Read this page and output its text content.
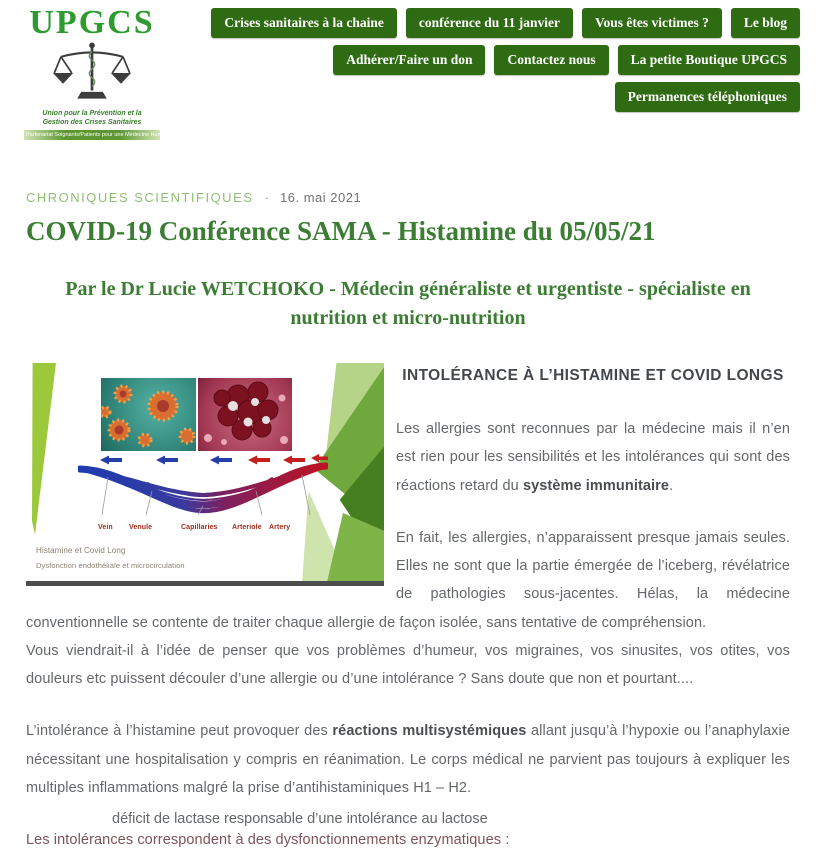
UPGCS
Union pour la Prévention et la
Gestion des Crises Sanitaires
Partenariat Soignants/Patients pour une Médecine Humaine
Crises sanitaires à la chaine	conférence du 11 janvier	Vous êtes victimes ?	Le blog
Adhérer/Faire un don	Contactez nous	La petite Boutique UPGCS
Permanences téléphoniques
CHRONIQUES SCIENTIFIQUES · 16. mai 2021
COVID-19 Conférence SAMA - Histamine du 05/05/21
Par le Dr Lucie WETCHOKO - Médecin généraliste et urgentiste - spécialiste en nutrition et micro-nutrition
Vein Venule	Capillaries Arteriole Artery
Histamine et Covid Long
Dysfonction endothéliale et microcirculation
INTOLÉRANCE À L’HISTAMINE ET COVID LONGS

Les allergies sont reconnues par la médecine mais il n’en est rien pour les sensibilités et les intolérances qui sont des réactions retard du système immunitaire.

En fait, les allergies, n’apparaissent presque jamais seules. Elles ne sont que la partie émergée de l’iceberg, révélatrice de pathologies sous-jacentes. Hélas, la médecine conventionnelle se contente de traiter chaque allergie de façon isolée, sans tentative de compréhension.

Vous viendrait-il à l’idée de penser que vos problèmes d’humeur, vos migraines, vos sinusites, vos otites, vos douleurs etc puissent découler d’une allergie ou d’une intolérance ? Sans doute que non et pourtant....

L’intolérance à l’histamine peut provoquer des réactions multisystémiques allant jusqu’à l’hypoxie ou l’anaphylaxie nécessitant une hospitalisation y compris en réanimation. Le corps médical ne parvient pas toujours à expliquer les multiples inflammations malgré la prise d’antihistaminiques H1 – H2.

Les intolérances correspondent à des dysfonctionnements enzymatiques :

déficit de lactase responsable d’une intolérance au lactose
